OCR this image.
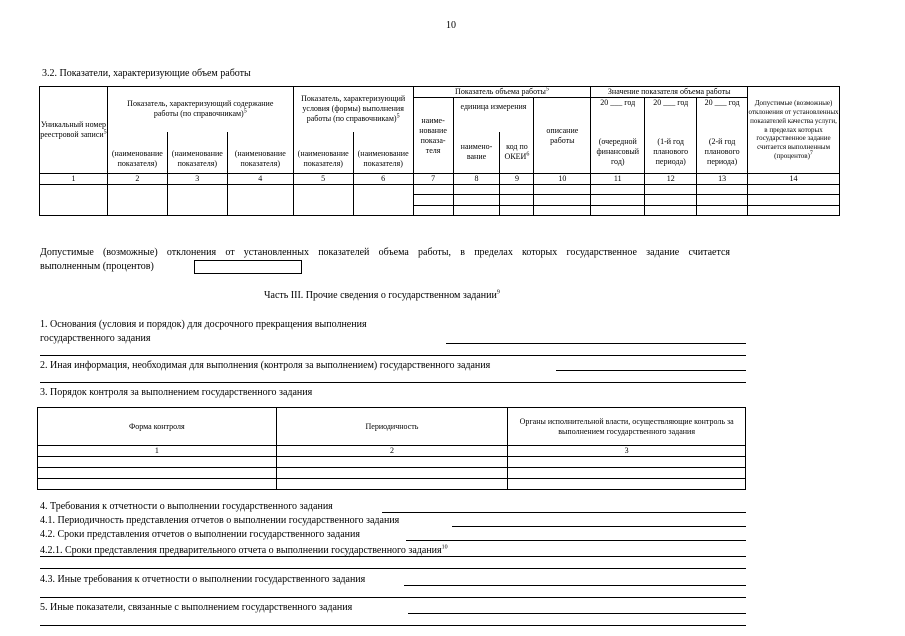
10
3.2. Показатели, характеризующие объем работы
Уникальный номер реестровой записи$^5$	Показатель, характеризующий содержание работы (по справочникам)$^5$			Показатель, характеризующий условия (формы) выполнения работы (по справочникам)$^5$		Показатель объема работы$^5$				Значение показателя объема работы			Допустимые (возможные) отклонения от установленных показателей качества услуги, в пределах которых государственное задание считается выполненным (процентов)$^7$
						наиме-нование показа-теля	единица измерения		описание работы	20 ___ год	20 ___ год	20 ___ год	
	(наименование показателя)	(наименование показателя)	(наименование показателя)	(наименование показателя)	(наименование показателя)		наимено-вание	код по ОКЕИ$^6$		(очередной финансовый год)	(1-й год планового периода)	(2-й год планового периода)	
1	2	3	4	5	6	7	8	9	10	11	12	13	14

Допустимые (возможные) отклонения от установленных показателей объема работы, в пределах которых государственное задание считается
выполненным (процентов)
Часть III. Прочие сведения о государственном задании$^9$
1. Основания (условия и порядок) для досрочного прекращения выполнения
государственного задания
2. Иная информация, необходимая для выполнения (контроля за выполнением) государственного задания
3. Порядок контроля за выполнением государственного задания
Форма контроля	Периодичность	Органы исполнительной власти, осуществляющие контроль за выполнением государственного задания
1	2	3

4. Требования к отчетности о выполнении государственного задания
4.1. Периодичность представления отчетов о выполнении государственного задания
4.2. Сроки представления отчетов о выполнении государственного задания
4.2.1. Сроки представления предварительного отчета о выполнении государственного задания$^{10}$
4.3. Иные требования к отчетности о выполнении государственного задания
5. Иные показатели, связанные с выполнением государственного задания
